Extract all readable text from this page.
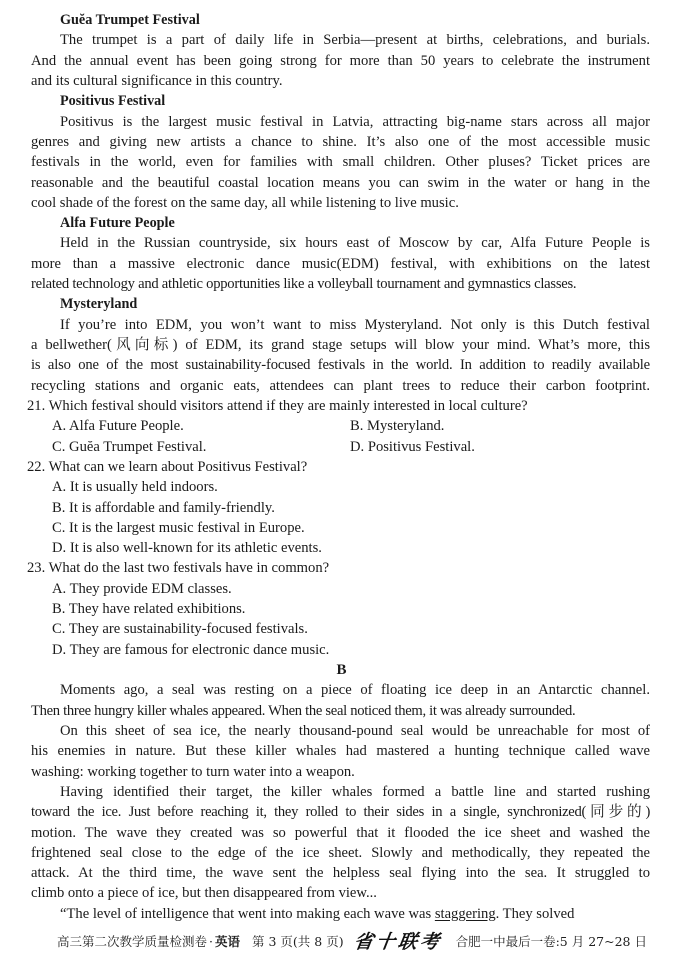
Guĕa Trumpet Festival
The trumpet is a part of daily life in Serbia—present at births, celebrations, and burials.
And the annual event has been going strong for more than 50 years to celebrate the instrument
and its cultural significance in this country.
Positivus Festival
Positivus is the largest music festival in Latvia, attracting big-name stars across all major
genres and giving new artists a chance to shine. It’s also one of the most accessible music
festivals in the world, even for families with small children. Other pluses? Ticket prices are
reasonable and the beautiful coastal location means you can swim in the water or hang in the
cool shade of the forest on the same day, all while listening to live music.
Alfa Future People
Held in the Russian countryside, six hours east of Moscow by car, Alfa Future People is
more than a massive electronic dance music(EDM) festival, with exhibitions on the latest
related technology and athletic opportunities like a volleyball tournament and gymnastics classes.
Mysteryland
If you’re into EDM, you won’t want to miss Mysteryland. Not only is this Dutch festival
a bellwether(风向标) of EDM, its grand stage setups will blow your mind. What’s more, this
is also one of the most sustainability-focused festivals in the world. In addition to readily available
recycling stations and organic eats, attendees can plant trees to reduce their carbon footprint.
21. Which festival should visitors attend if they are mainly interested in local culture?
A. Alfa Future People.	B. Mysteryland.
C. Guĕa Trumpet Festival.	D. Positivus Festival.
22. What can we learn about Positivus Festival?
A. It is usually held indoors.
B. It is affordable and family-friendly.
C. It is the largest music festival in Europe.
D. It is also well-known for its athletic events.
23. What do the last two festivals have in common?
A. They provide EDM classes.
B. They have related exhibitions.
C. They are sustainability-focused festivals.
D. They are famous for electronic dance music.
B
Moments ago, a seal was resting on a piece of floating ice deep in an Antarctic channel.
Then three hungry killer whales appeared. When the seal noticed them, it was already surrounded.
On this sheet of sea ice, the nearly thousand-pound seal would be unreachable for most of
his enemies in nature. But these killer whales had mastered a hunting technique called wave
washing: working together to turn water into a weapon.
Having identified their target, the killer whales formed a battle line and started rushing
toward the ice. Just before reaching it, they rolled to their sides in a single, synchronized(同步的)
motion. The wave they created was so powerful that it flooded the ice sheet and washed the
frightened seal close to the edge of the ice sheet. Slowly and methodically, they repeated the
attack. At the third time, the wave sent the helpless seal flying into the sea. It struggled to
climb onto a piece of ice, but then disappeared from view...
“The level of intelligence that went into making each wave was staggering. They solved
高三第二次教学质量检测卷 · 英语 第 3 页(共 8 页) 省十联考 合肥一中最后一卷:5 月 27~28 日
